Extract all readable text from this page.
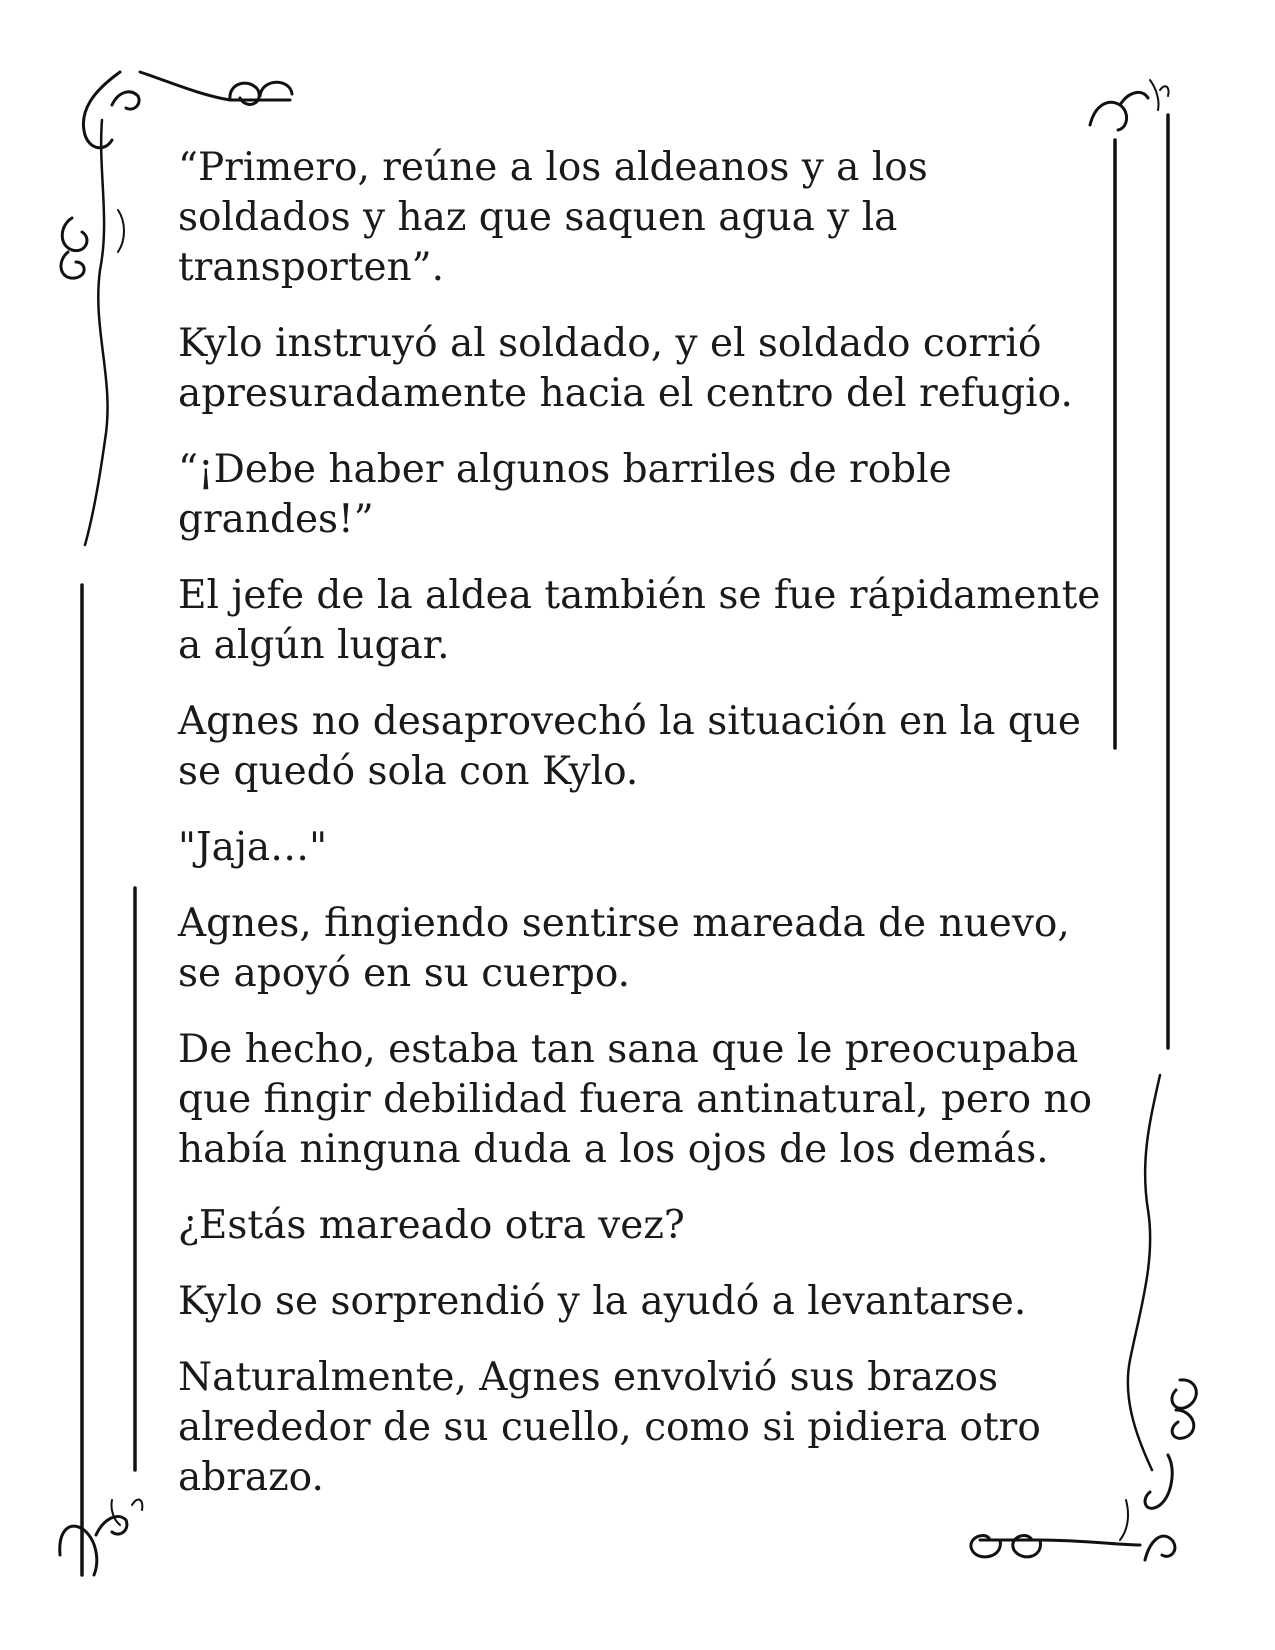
“Primero, reúne a los aldeanos y a los soldados y haz que saquen agua y la transporten”.

Kylo instruyó al soldado, y el soldado corrió apresuradamente hacia el centro del refugio.

“¡Debe haber algunos barriles de roble grandes!”

El jefe de la aldea también se fue rápidamente a algún lugar.

Agnes no desaprovechó la situación en la que se quedó sola con Kylo.

"Jaja…"

Agnes, fingiendo sentirse mareada de nuevo, se apoyó en su cuerpo.

De hecho, estaba tan sana que le preocupaba que fingir debilidad fuera antinatural, pero no había ninguna duda a los ojos de los demás.

¿Estás mareado otra vez?

Kylo se sorprendió y la ayudó a levantarse.

Naturalmente, Agnes envolvió sus brazos alrededor de su cuello, como si pidiera otro abrazo.
